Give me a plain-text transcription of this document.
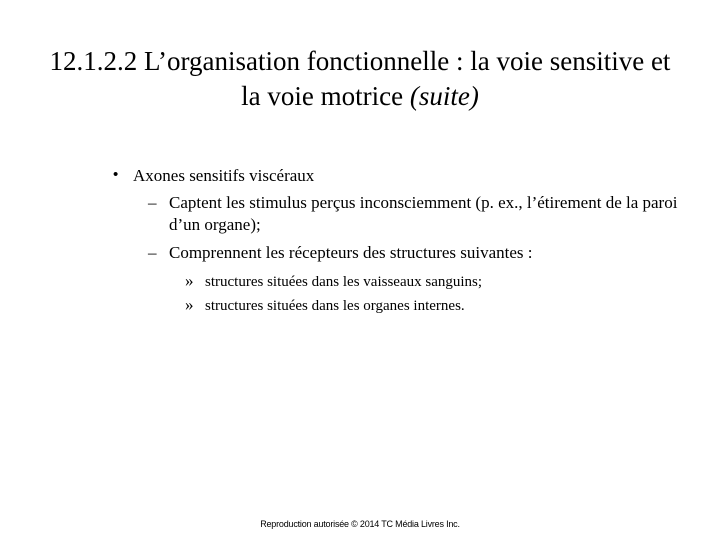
12.1.2.2 L’organisation fonctionnelle : la voie sensitive et la voie motrice (suite)
• Axones sensitifs viscéraux
– Captent les stimulus perçus inconsciemment (p. ex., l’étirement de la paroi d’un organe);
– Comprennent les récepteurs des structures suivantes :
» structures situées dans les vaisseaux sanguins;
» structures situées dans les organes internes.
Reproduction autorisée © 2014 TC Média Livres Inc.
